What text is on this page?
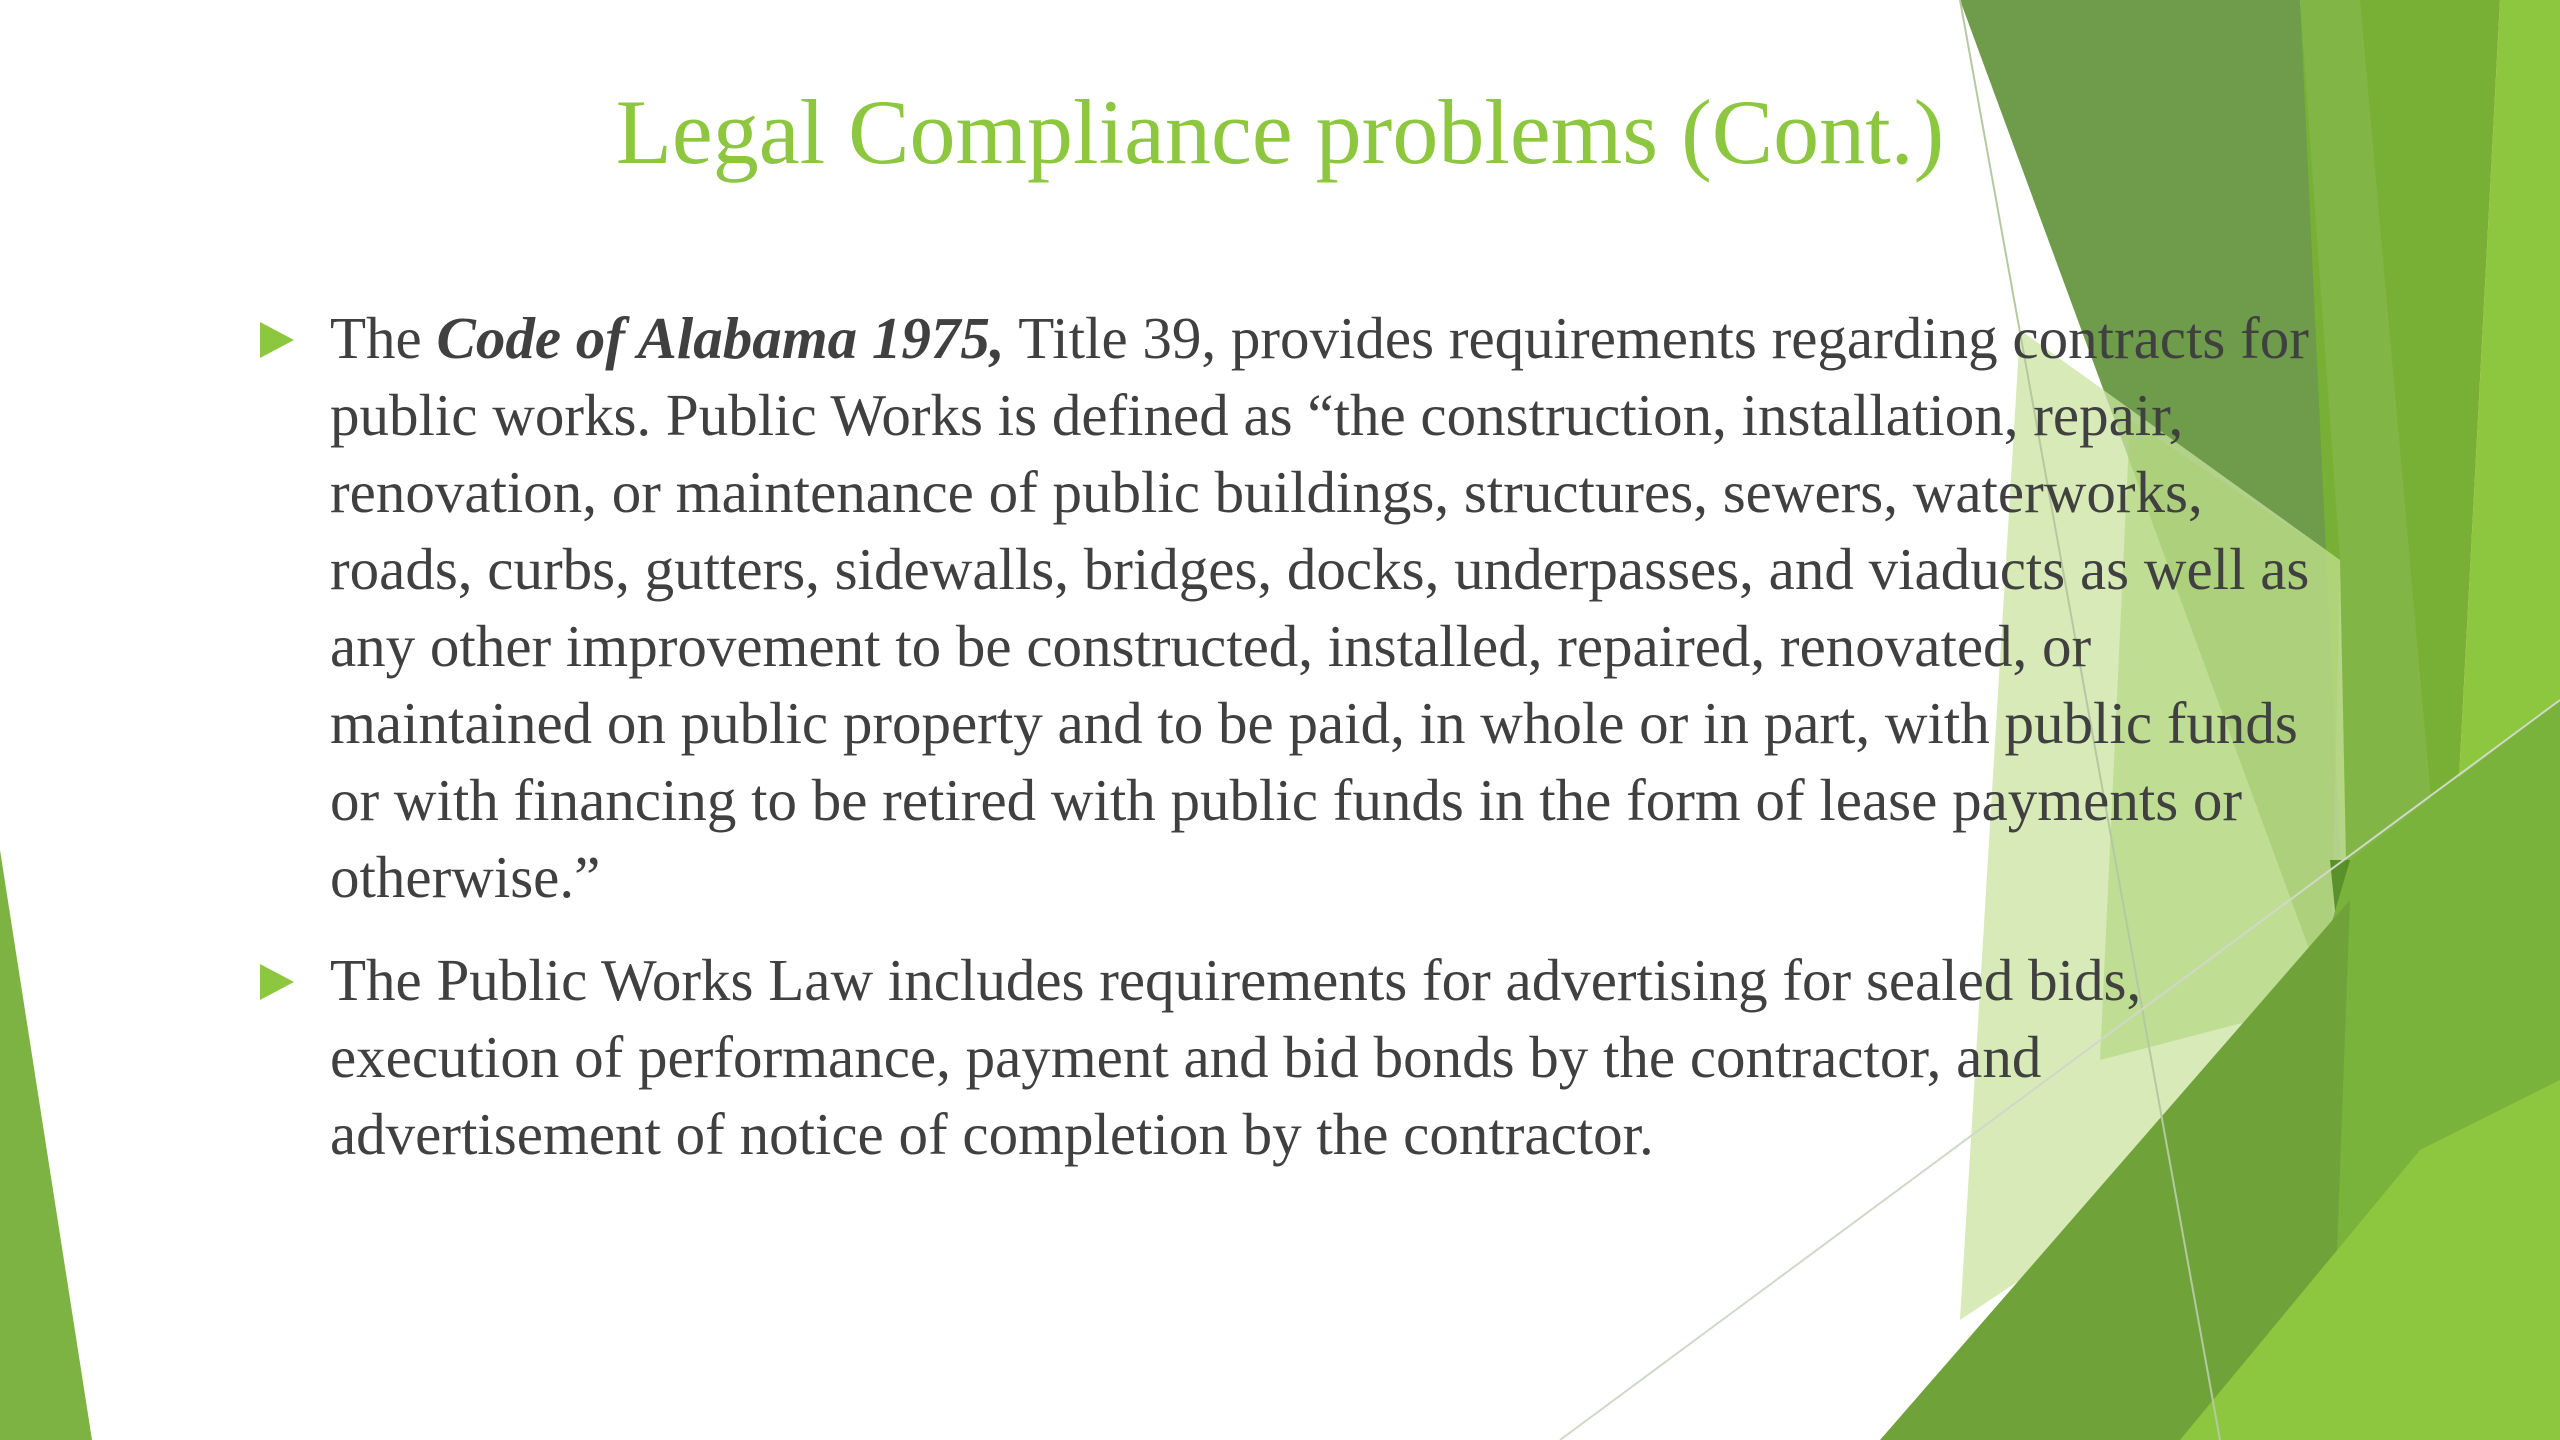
Legal Compliance problems (Cont.)
The Code of Alabama 1975, Title 39, provides requirements regarding contracts for public works. Public Works is defined as “the construction, installation, repair, renovation, or maintenance of public buildings, structures, sewers, waterworks, roads, curbs, gutters, sidewalls, bridges, docks, underpasses, and viaducts as well as any other improvement to be constructed, installed, repaired, renovated, or maintained on public property and to be paid, in whole or in part, with public funds or with financing to be retired with public funds in the form of lease payments or otherwise.”
The Public Works Law includes requirements for advertising for sealed bids, execution of performance, payment and bid bonds by the contractor, and advertisement of notice of completion by the contractor.
